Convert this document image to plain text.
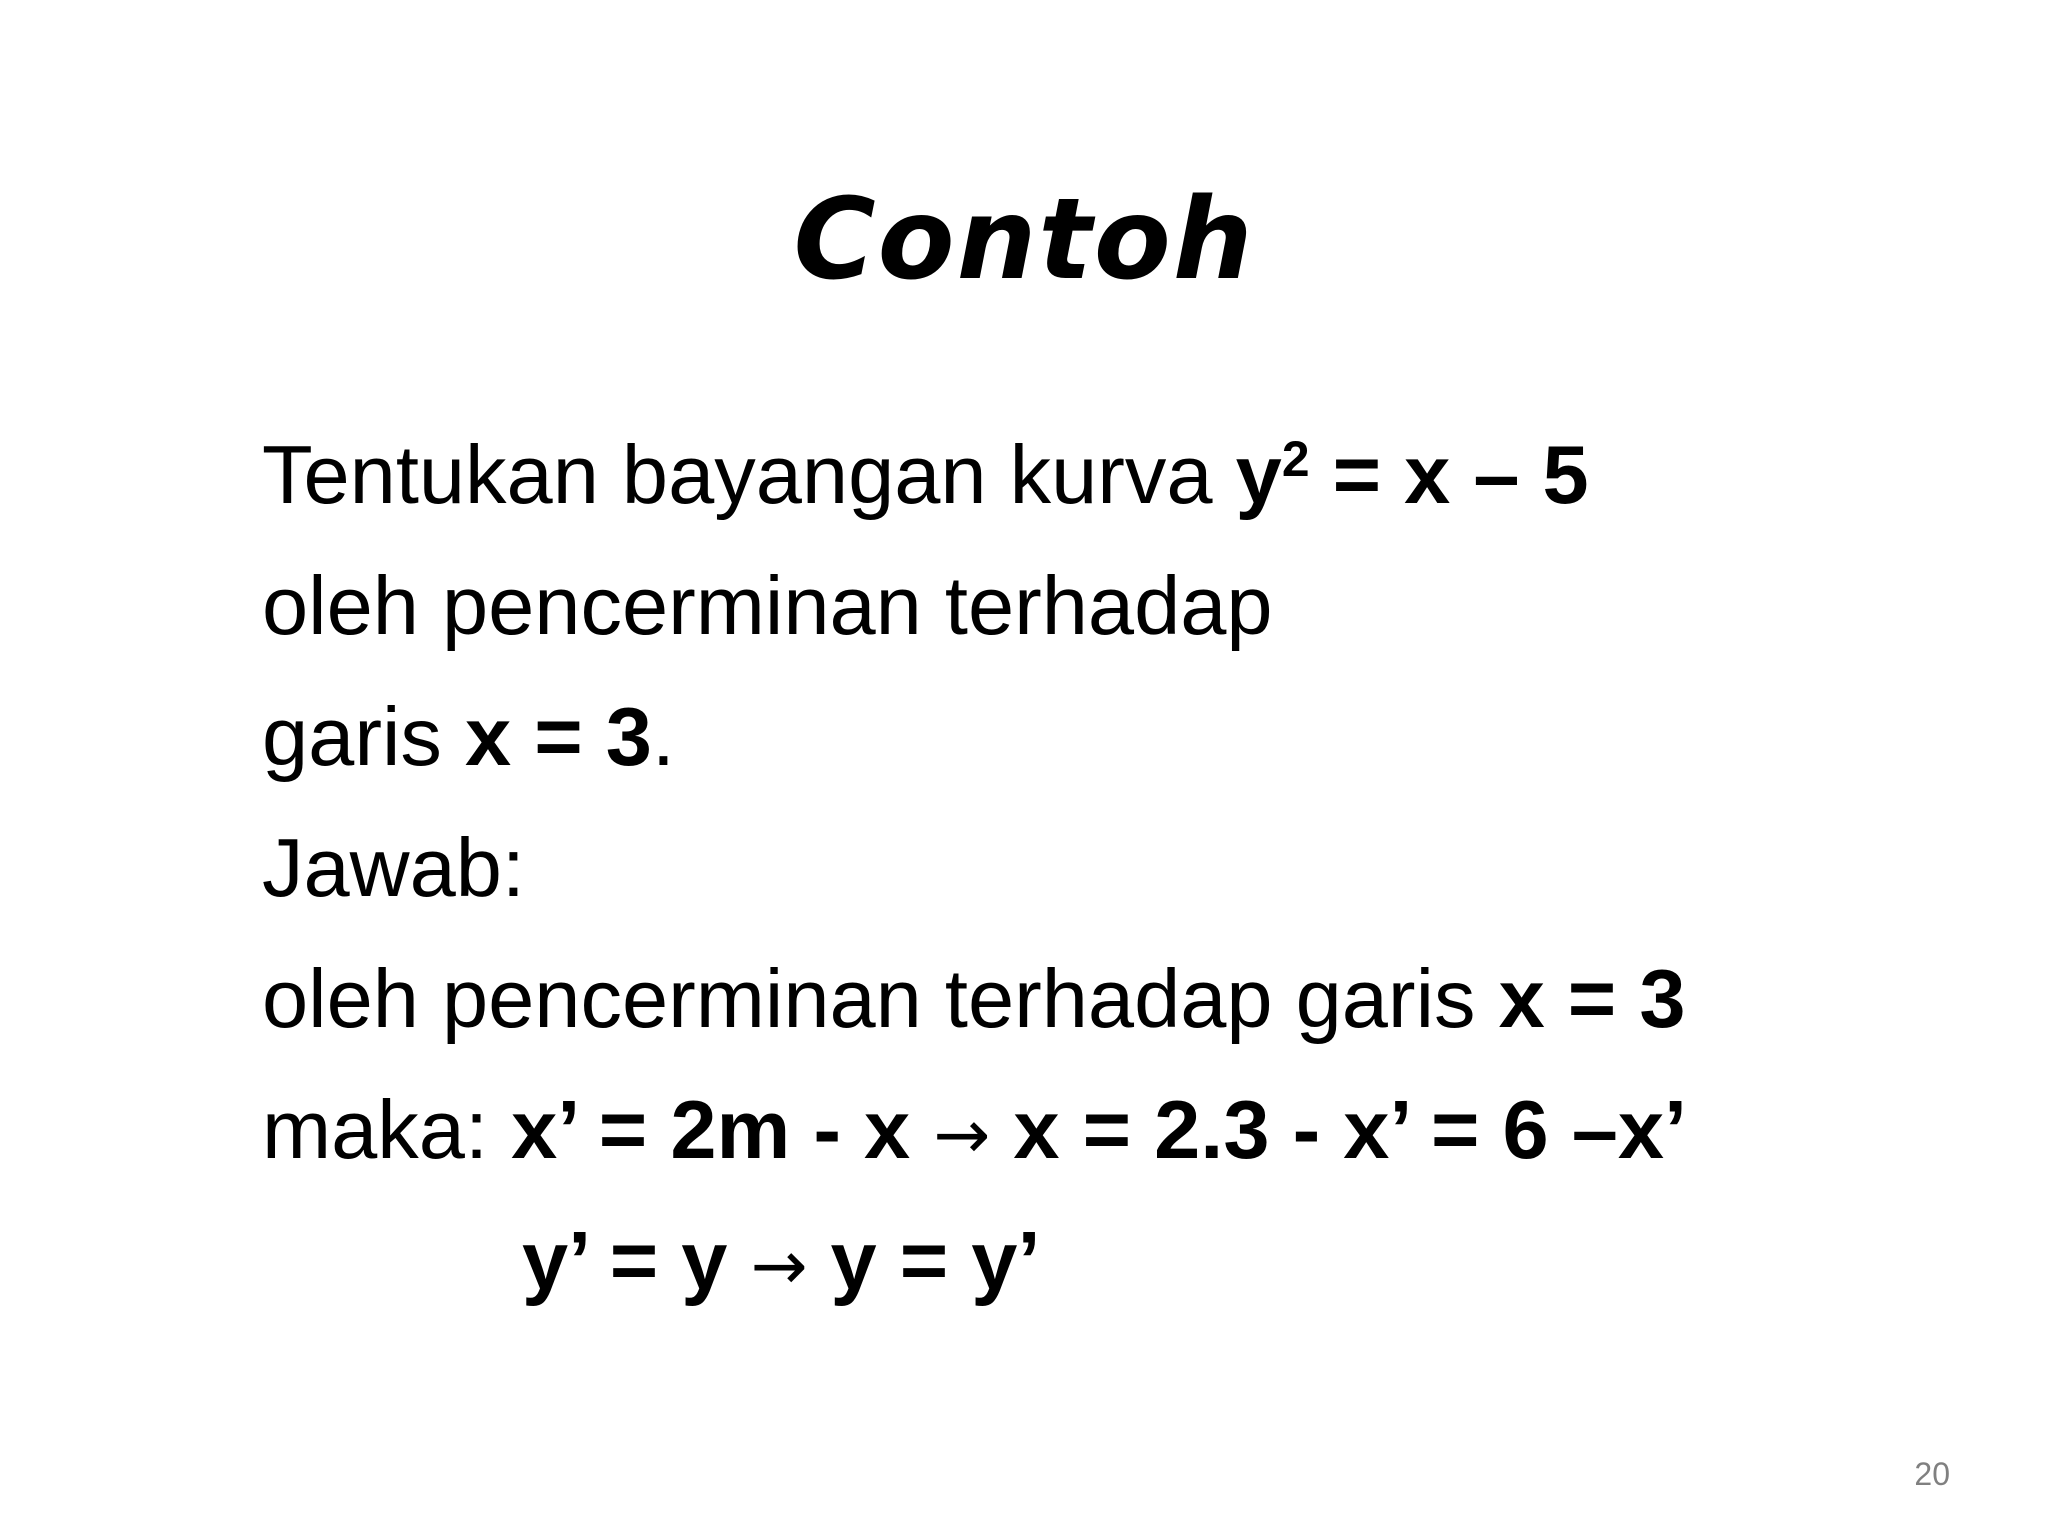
Contoh
Tentukan bayangan kurva $y^2 = x - 5$
oleh pencerminan terhadap
garis x = 3.
Jawab:
oleh pencerminan terhadap garis x = 3
maka: x’ = 2m - x → x = 2.3 - x’ = 6 –x’
y’ = y → y = y’
20
